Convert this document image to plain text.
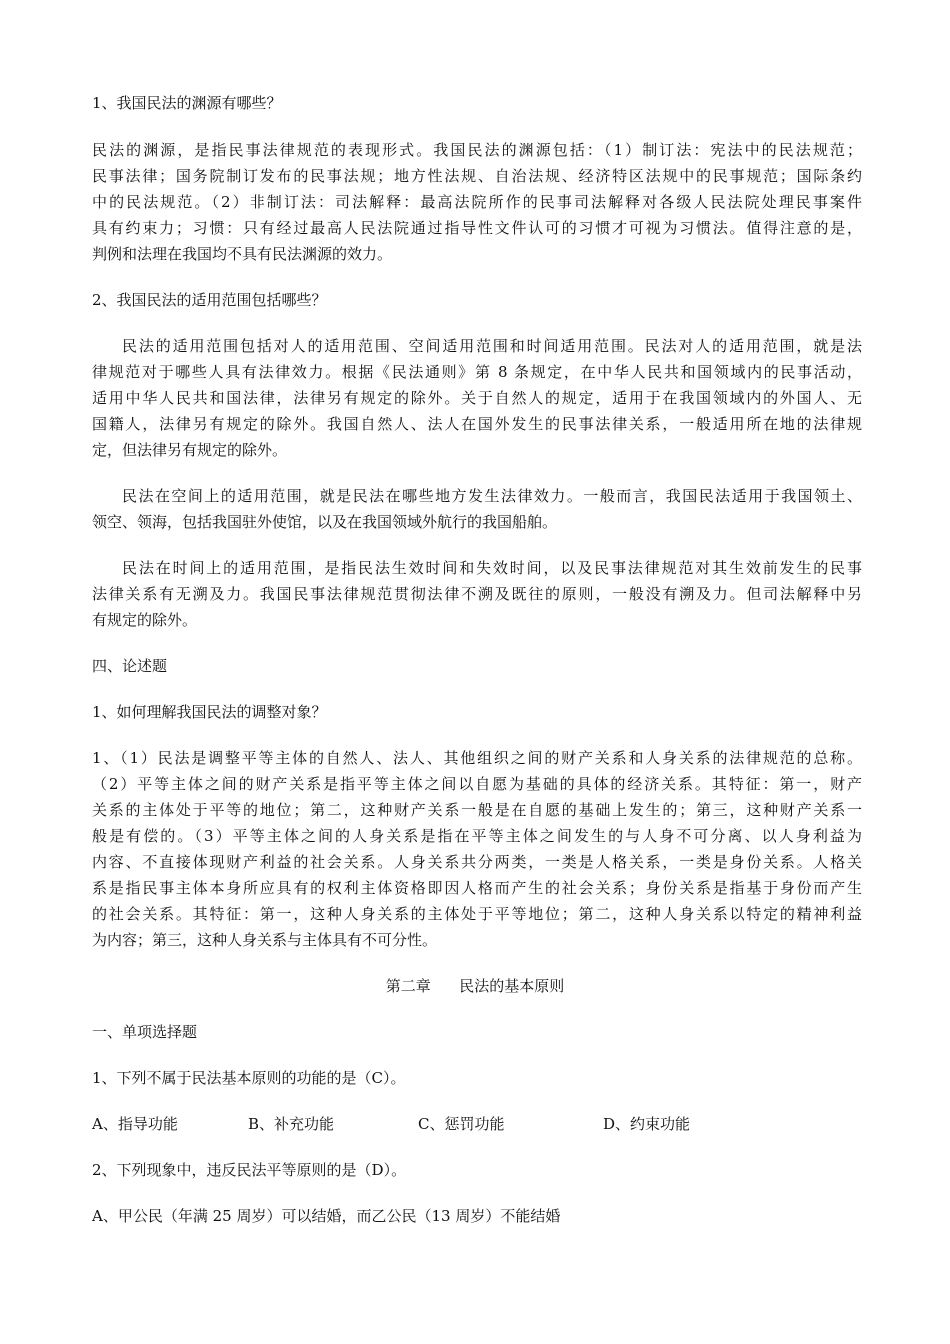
1、我国民法的渊源有哪些？
民法的渊源，是指民事法律规范的表现形式。我国民法的渊源包括：（1）制订法：宪法中的民法规范；
民事法律；国务院制订发布的民事法规；地方性法规、自治法规、经济特区法规中的民事规范；国际条约
中的民法规范。（2）非制订法：司法解释：最高法院所作的民事司法解释对各级人民法院处理民事案件
具有约束力；习惯：只有经过最高人民法院通过指导性文件认可的习惯才可视为习惯法。值得注意的是，
判例和法理在我国均不具有民法渊源的效力。
2、我国民法的适用范围包括哪些？
民法的适用范围包括对人的适用范围、空间适用范围和时间适用范围。民法对人的适用范围，就是法
律规范对于哪些人具有法律效力。根据《民法通则》第 8 条规定，在中华人民共和国领域内的民事活动，
适用中华人民共和国法律，法律另有规定的除外。关于自然人的规定，适用于在我国领域内的外国人、无
国籍人，法律另有规定的除外。我国自然人、法人在国外发生的民事法律关系，一般适用所在地的法律规
定，但法律另有规定的除外。
民法在空间上的适用范围，就是民法在哪些地方发生法律效力。一般而言，我国民法适用于我国领土、
领空、领海，包括我国驻外使馆，以及在我国领域外航行的我国船舶。
民法在时间上的适用范围，是指民法生效时间和失效时间，以及民事法律规范对其生效前发生的民事
法律关系有无溯及力。我国民事法律规范贯彻法律不溯及既往的原则，一般没有溯及力。但司法解释中另
有规定的除外。
四、论述题
1、如何理解我国民法的调整对象？
1、（1）民法是调整平等主体的自然人、法人、其他组织之间的财产关系和人身关系的法律规范的总称。
（2）平等主体之间的财产关系是指平等主体之间以自愿为基础的具体的经济关系。其特征：第一，财产
关系的主体处于平等的地位；第二，这种财产关系一般是在自愿的基础上发生的；第三，这种财产关系一
般是有偿的。（3）平等主体之间的人身关系是指在平等主体之间发生的与人身不可分离、以人身利益为
内容、不直接体现财产利益的社会关系。人身关系共分两类，一类是人格关系，一类是身份关系。人格关
系是指民事主体本身所应具有的权利主体资格即因人格而产生的社会关系；身份关系是指基于身份而产生
的社会关系。其特征：第一，这种人身关系的主体处于平等地位；第二，这种人身关系以特定的精神利益
为内容；第三，这种人身关系与主体具有不可分性。
第二章      民法的基本原则
一、单项选择题
1、下列不属于民法基本原则的功能的是（C）。
A、指导功能	B、补充功能	C、惩罚功能	D、约束功能
2、下列现象中，违反民法平等原则的是（D）。
A、甲公民（年满 25 周岁）可以结婚，而乙公民（13 周岁）不能结婚
